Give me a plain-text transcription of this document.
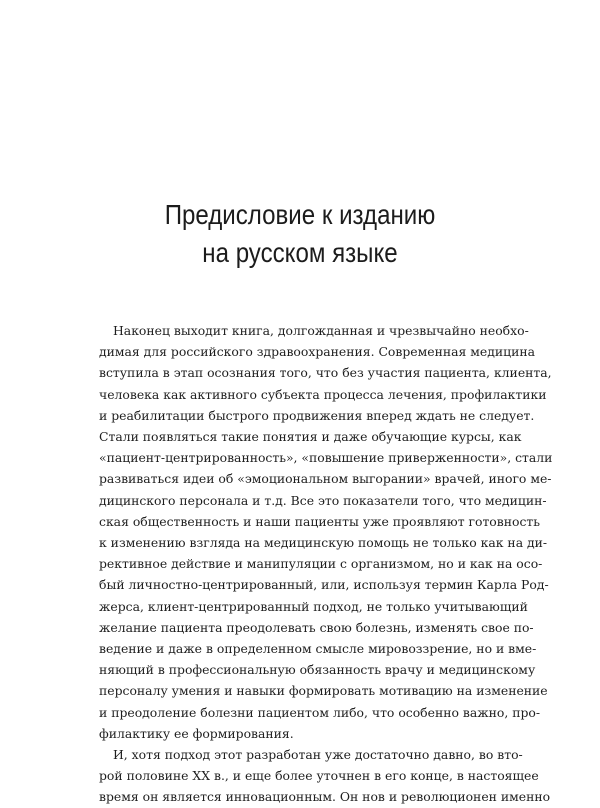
Предисловие к изданию
на русском языке
Наконец выходит книга, долгожданная и чрезвычайно необхо-
димая для российского здравоохранения. Современная медицина
вступила в этап осознания того, что без участия пациента, клиента,
человека как активного субъекта процесса лечения, профилактики
и реабилитации быстрого продвижения вперед ждать не следует.
Стали появляться такие понятия и даже обучающие курсы, как
«пациент-центрированность», «повышение приверженности», стали
развиваться идеи об «эмоциональном выгорании» врачей, иного ме-
дицинского персонала и т.д. Все это показатели того, что медицин-
ская общественность и наши пациенты уже проявляют готовность
к изменению взгляда на медицинскую помощь не только как на ди-
рективное действие и манипуляции с организмом, но и как на осо-
бый личностно-центрированный, или, используя термин Карла Род-
жерса, клиент-центрированный подход, не только учитывающий
желание пациента преодолевать свою болезнь, изменять свое по-
ведение и даже в определенном смысле мировоззрение, но и вме-
няющий в профессиональную обязанность врачу и медицинскому
персоналу умения и навыки формировать мотивацию на изменение
и преодоление болезни пациентом либо, что особенно важно, про-
филактику ее формирования.
И, хотя подход этот разработан уже достаточно давно, во вто-
рой половине XX в., и еще более уточнен в его конце, в настоящее
время он является инновационным. Он нов и революционен именно
